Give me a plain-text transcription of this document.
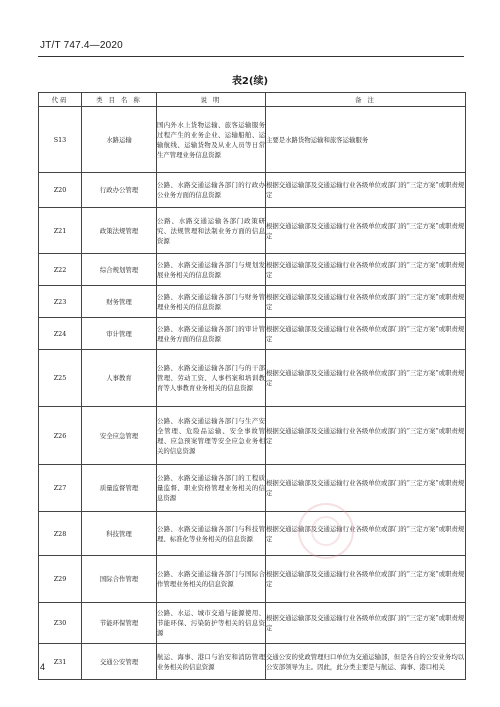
JT/T 747.4—2020
表2(续)
代码	类 目 名 称	说 明	备 注
S13	水路运输	国内外水上货物运输、旅客运输服务过程产生的业务企业、运输船舶、运输航线、运输货物及从业人员等日常生产管理业务信息资源	主要是水路货物运输和旅客运输服务
Z20	行政办公管理	公路、水路交通运输各部门的行政办公业务方面的信息资源	根据交通运输部及交通运输行业各级单位或部门的“三定方案”或职责规定
Z21	政策法规管理	公路、水路交通运输各部门政策研究、法规管理和法制业务方面的信息资源	根据交通运输部及交通运输行业各级单位或部门的“三定方案”或职责规定
Z22	综合规划管理	公路、水路交通运输各部门与规划发展业务相关的信息资源	根据交通运输部及交通运输行业各级单位或部门的“三定方案”或职责规定
Z23	财务管理	公路、水路交通运输各部门与财务管理业务相关的信息资源	根据交通运输部及交通运输行业各级单位或部门的“三定方案”或职责规定
Z24	审计管理	公路、水路交通运输各部门的审计管理业务方面的信息资源	根据交通运输部及交通运输行业各级单位或部门的“三定方案”或职责规定
Z25	人事教育	公路、水路交通运输各部门与的干部管理、劳动工资、人事档案和培训教育等人事教育业务相关的信息资源	根据交通运输部及交通运输行业各级单位或部门的“三定方案”或职责规定
Z26	安全应急管理	公路、水路交通运输各部门与生产安全管理、危险品运输、安全事故管理、应急预案管理等安全应急业务相关的信息资源	根据交通运输部及交通运输行业各级单位或部门的“三定方案”或职责规定
Z27	质量监督管理	公路、水路交通运输各部门的工程质量监督、职业资格管理业务相关的信息资源	根据交通运输部及交通运输行业各级单位或部门的“三定方案”或职责规定
Z28	科技管理	公路、水路交通运输各部门与科技管理、标准化等业务相关的信息资源	根据交通运输部及交通运输行业各级单位或部门的“三定方案”或职责规定
Z29	国际合作管理	公路、水路交通运输各部门与国际合作管理业务相关的信息资源	根据交通运输部及交通运输行业各级单位或部门的“三定方案”或职责规定
Z30	节能环保管理	公路、水运、城市交通与能源使用、节能环保、污染防护等相关的信息资源	根据交通运输部及交通运输行业各级单位或部门的“三定方案”或职责规定
Z31	交通公安管理	航运、海事、港口与治安和消防管理业务相关的信息资源	交通公安的党政管理归口单位为交通运输部，但是各自的公安业务均以公安部领导为主。因此，此分类主要是与航运、海事、港口相关
4
